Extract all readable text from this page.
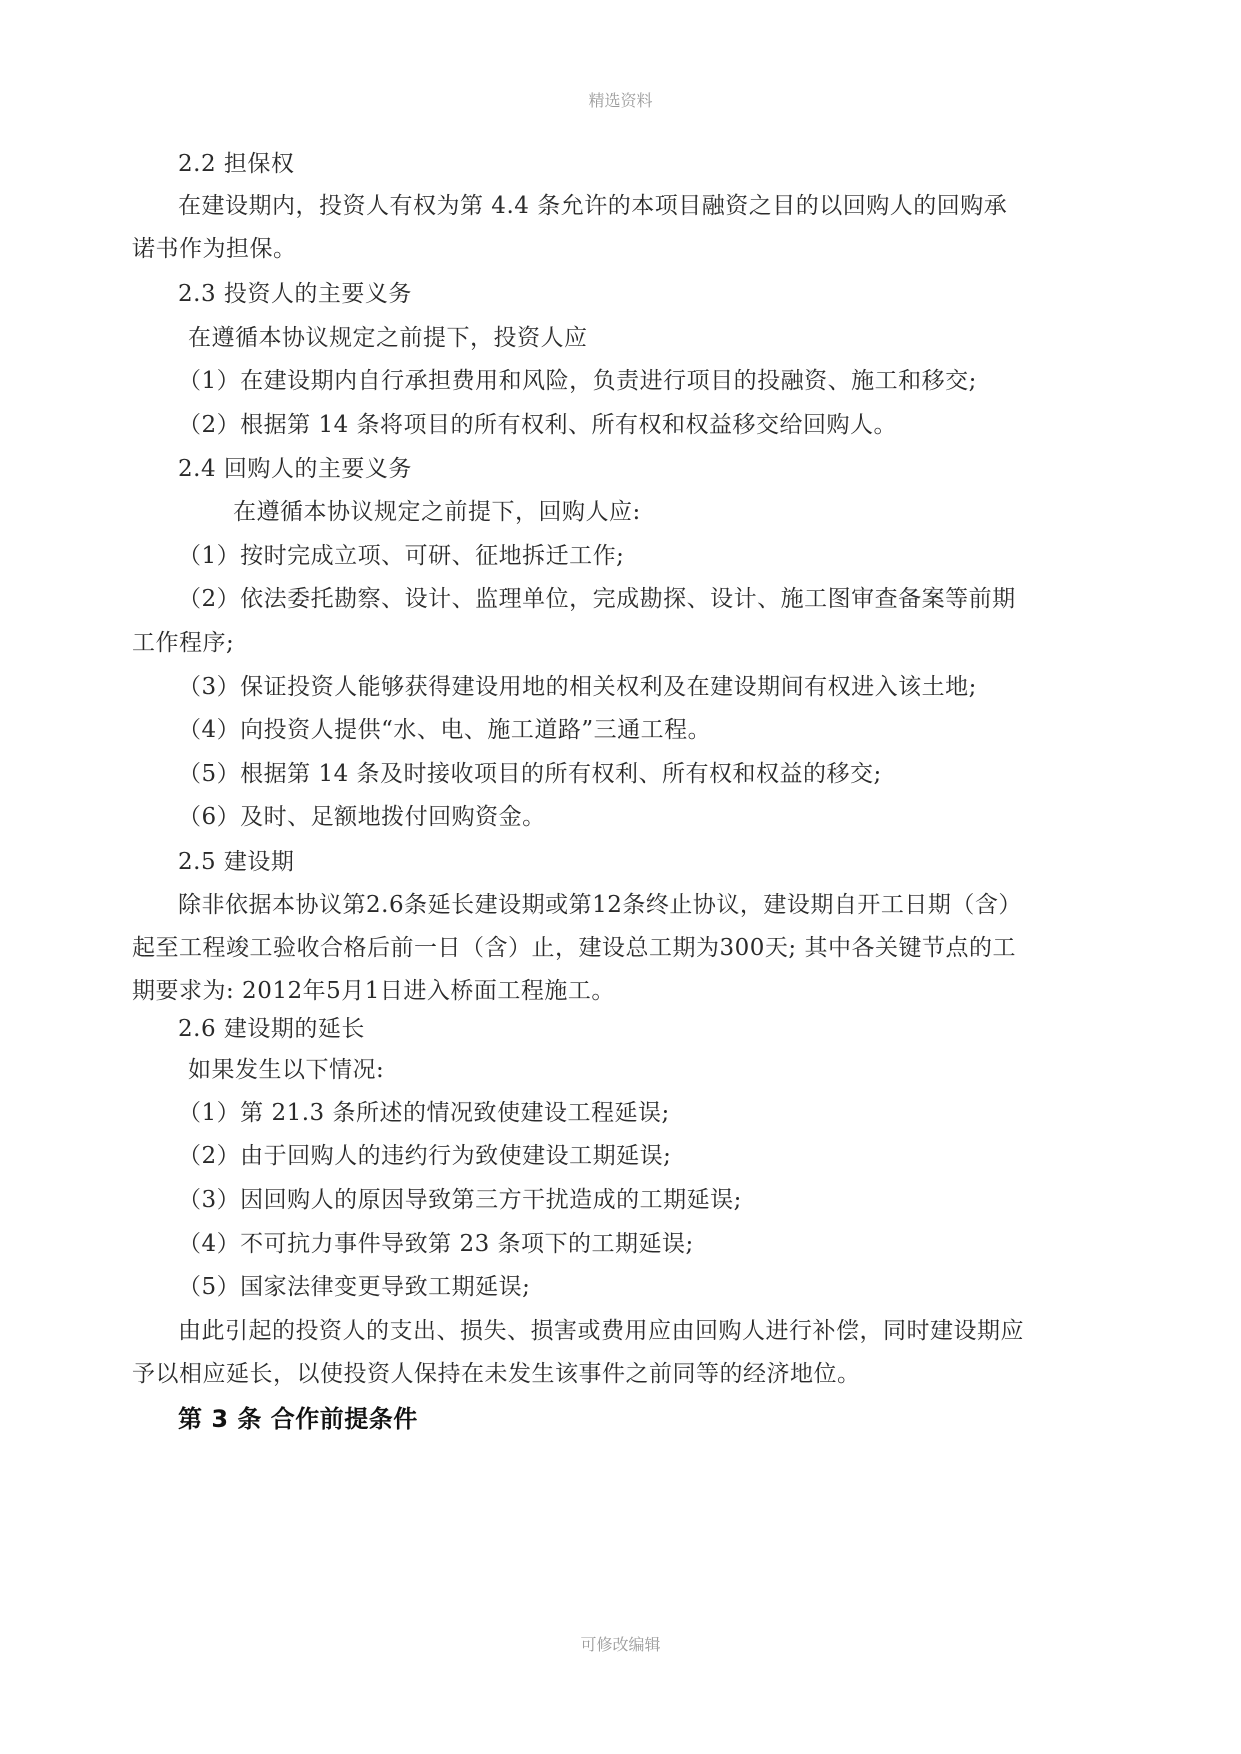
精选资料
2.2 担保权
在建设期内，投资人有权为第 4.4 条允许的本项目融资之目的以回购人的回购承
诺书作为担保。
2.3 投资人的主要义务
在遵循本协议规定之前提下，投资人应
（1）在建设期内自行承担费用和风险，负责进行项目的投融资、施工和移交;
（2）根据第 14 条将项目的所有权利、所有权和权益移交给回购人。
2.4 回购人的主要义务
在遵循本协议规定之前提下，回购人应:
（1）按时完成立项、可研、征地拆迁工作;
（2）依法委托勘察、设计、监理单位，完成勘探、设计、施工图审查备案等前期
工作程序;
（3）保证投资人能够获得建设用地的相关权利及在建设期间有权进入该土地;
（4）向投资人提供“水、电、施工道路”三通工程。
（5）根据第 14 条及时接收项目的所有权利、所有权和权益的移交;
（6）及时、足额地拨付回购资金。
2.5 建设期
除非依据本协议第2.6条延长建设期或第12条终止协议，建设期自开工日期（含）
起至工程竣工验收合格后前一日（含）止，建设总工期为300天; 其中各关键节点的工
期要求为: 2012年5月1日进入桥面工程施工。
2.6 建设期的延长
如果发生以下情况:
（1）第 21.3 条所述的情况致使建设工程延误;
（2）由于回购人的违约行为致使建设工期延误;
（3）因回购人的原因导致第三方干扰造成的工期延误;
（4）不可抗力事件导致第 23 条项下的工期延误;
（5）国家法律变更导致工期延误;
由此引起的投资人的支出、损失、损害或费用应由回购人进行补偿，同时建设期应
予以相应延长，以使投资人保持在未发生该事件之前同等的经济地位。
第 3 条 合作前提条件
可修改编辑
